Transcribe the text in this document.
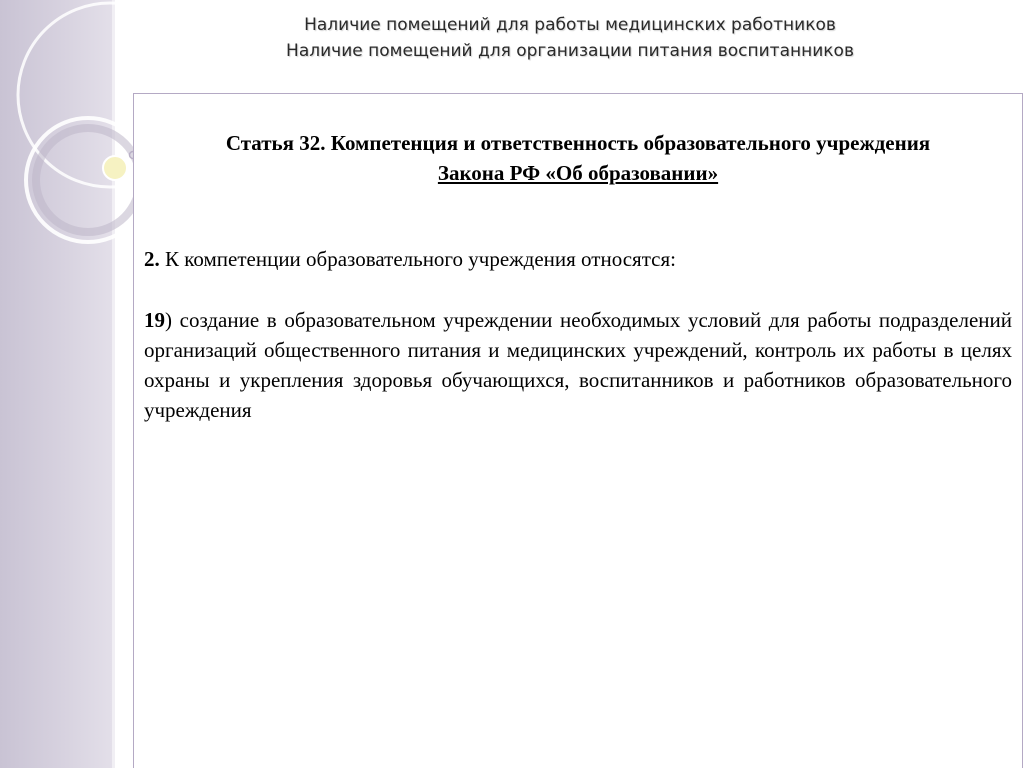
Наличие помещений для работы медицинских работников
Наличие помещений для организации питания воспитанников

Статья 32. Компетенция и ответственность образовательного учреждения
Закона РФ «Об образовании»

2. К компетенции образовательного учреждения относятся:

19) создание в образовательном учреждении необходимых условий для работы подразделений организаций общественного питания и медицинских учреждений, контроль их работы в целях охраны и укрепления здоровья обучающихся, воспитанников и работников образовательного учреждения
